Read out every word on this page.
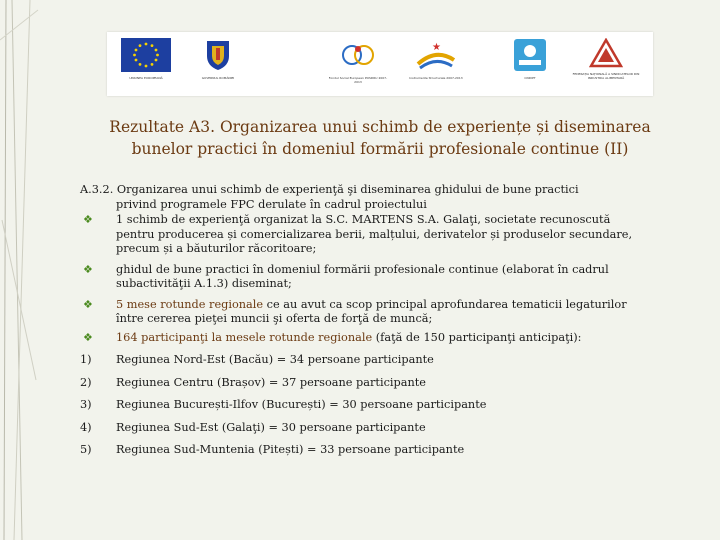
UNIUNEA EUROPEANĂ	GUVERNUL ROMÂNIEI	Fondul Social European POSDRU 2007-2013
★
Instrumente Structurale 2007-2013	CNDIPT
FEDERAȚIA NAȚIONALĂ A SINDICATELOR DIN INDUSTRIA ALIMENTARĂ
Rezultate A3. Organizarea unui schimb de experiențe și diseminarea
bunelor practici în domeniul formării profesionale continue (II)
A.3.2. Organizarea unui schimb de experienţă şi diseminarea ghidului de bune practici
privind programele FPC derulate în cadrul proiectului
❖ 1 schimb de experienţă organizat la S.C. MARTENS S.A. Galaţi, societate recunoscută
pentru producerea și comercializarea berii, malțului, derivatelor și produselor secundare,
precum și a băuturilor răcoritoare;
❖ ghidul de bune practici în domeniul formării profesionale continue (elaborat în cadrul
subactivităţii A.1.3) diseminat;
❖ 5 mese rotunde regionale ce au avut ca scop principal aprofundarea tematicii legaturilor
între cererea pieţei muncii şi oferta de forţă de muncă;
❖ 164 participanţi la mesele rotunde regionale (faţă de 150 participanţi anticipaţi):
1) Regiunea Nord-Est (Bacău) = 34 persoane participante
2) Regiunea Centru (Brașov) = 37 persoane participante
3) Regiunea București-Ilfov (București) = 30 persoane participante
4) Regiunea Sud-Est (Galaţi) = 30 persoane participante
5) Regiunea Sud-Muntenia (Pitești) = 33 persoane participante
